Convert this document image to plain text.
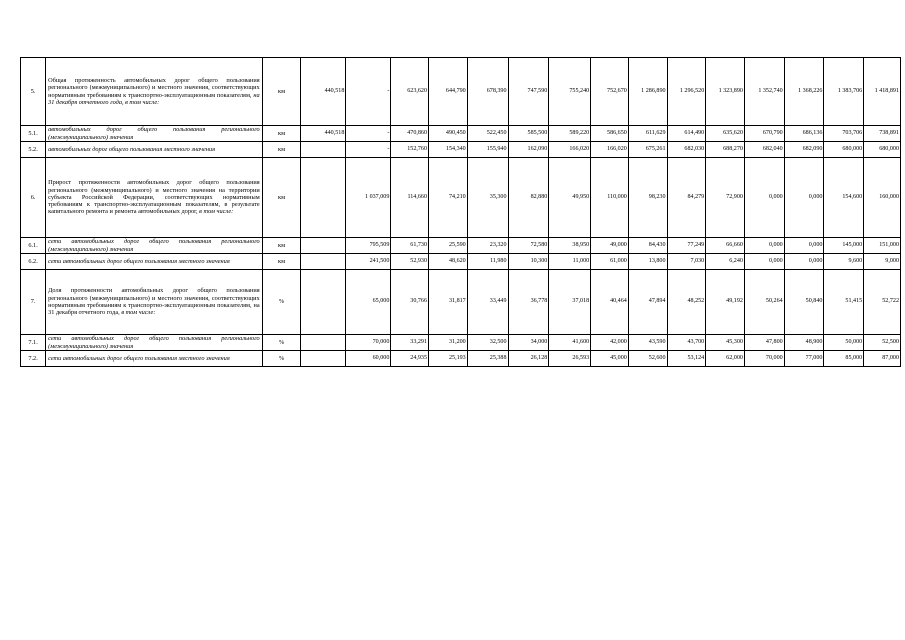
5.	Общая протяженность автомобильных дорог общего пользования регионального (межмуниципального) и местного значения, соответствующих нормативным требованиям к транспортно-эксплуатационным показателям, на 31 декабря отчетного года, в том числе:	км	440,518	-	623,620	644,790	678,390	747,590	755,240	752,670	1 286,890	1 296,520	1 323,890	1 352,740	1 368,226	1 383,706	1 418,891
5.1.	автомобильных дорог общего пользования регионального (межмуниципального) значения	км	440,518	-	470,860	490,450	522,450	585,500	589,220	586,650	611,629	614,490	635,620	670,790	686,136	703,706	738,891
5.2.	автомобильных дорог общего пользования местного значения	км		-	152,760	154,340	155,940	162,090	166,020	166,020	675,261	682,030	688,270	682,040	682,090	680,000	680,000
6.	Прирост протяженности автомобильных дорог общего пользования регионального (межмуниципального) и местного значения на территории субъекта Российской Федерации, соответствующих нормативным требованиям к транспортно-эксплуатационным показателям, в результате капитального ремонта и ремонта автомобильных дорог, в том числе:	км		1 037,009	114,660	74,210	35,300	82,880	49,950	110,000	98,230	84,279	72,900	0,000	0,000	154,600	160,000
6.1.	сети автомобильных дорог общего пользования регионального (межмуниципального) значения	км		795,509	61,730	25,590	23,320	72,580	38,950	49,000	84,430	77,249	66,660	0,000	0,000	145,000	151,000
6.2.	сети автомобильных дорог общего пользования местного значения	км		241,500	52,930	48,620	11,980	10,300	11,000	61,000	13,800	7,030	6,240	0,000	0,000	9,600	9,000
7.	Доля протяженности автомобильных дорог общего пользования регионального (межмуниципального) и местного значения, соответствующих нормативным требованиям к транспортно-эксплуатационным показателям, на 31 декабря отчетного года, в том числе:	%		65,000	30,766	31,817	33,449	36,778	37,018	40,464	47,894	48,252	49,192	50,264	50,840	51,415	52,722
7.1.	сети автомобильных дорог общего пользования регионального (межмуниципального) значения	%		70,000	33,291	31,200	32,500	34,000	41,600	42,000	43,590	43,700	45,300	47,800	48,900	50,000	52,500
7.2.	сети автомобильных дорог общего пользования местного значения	%		60,000	24,935	25,193	25,388	26,128	26,593	45,000	52,600	53,124	62,000	70,000	77,000	85,000	87,000
